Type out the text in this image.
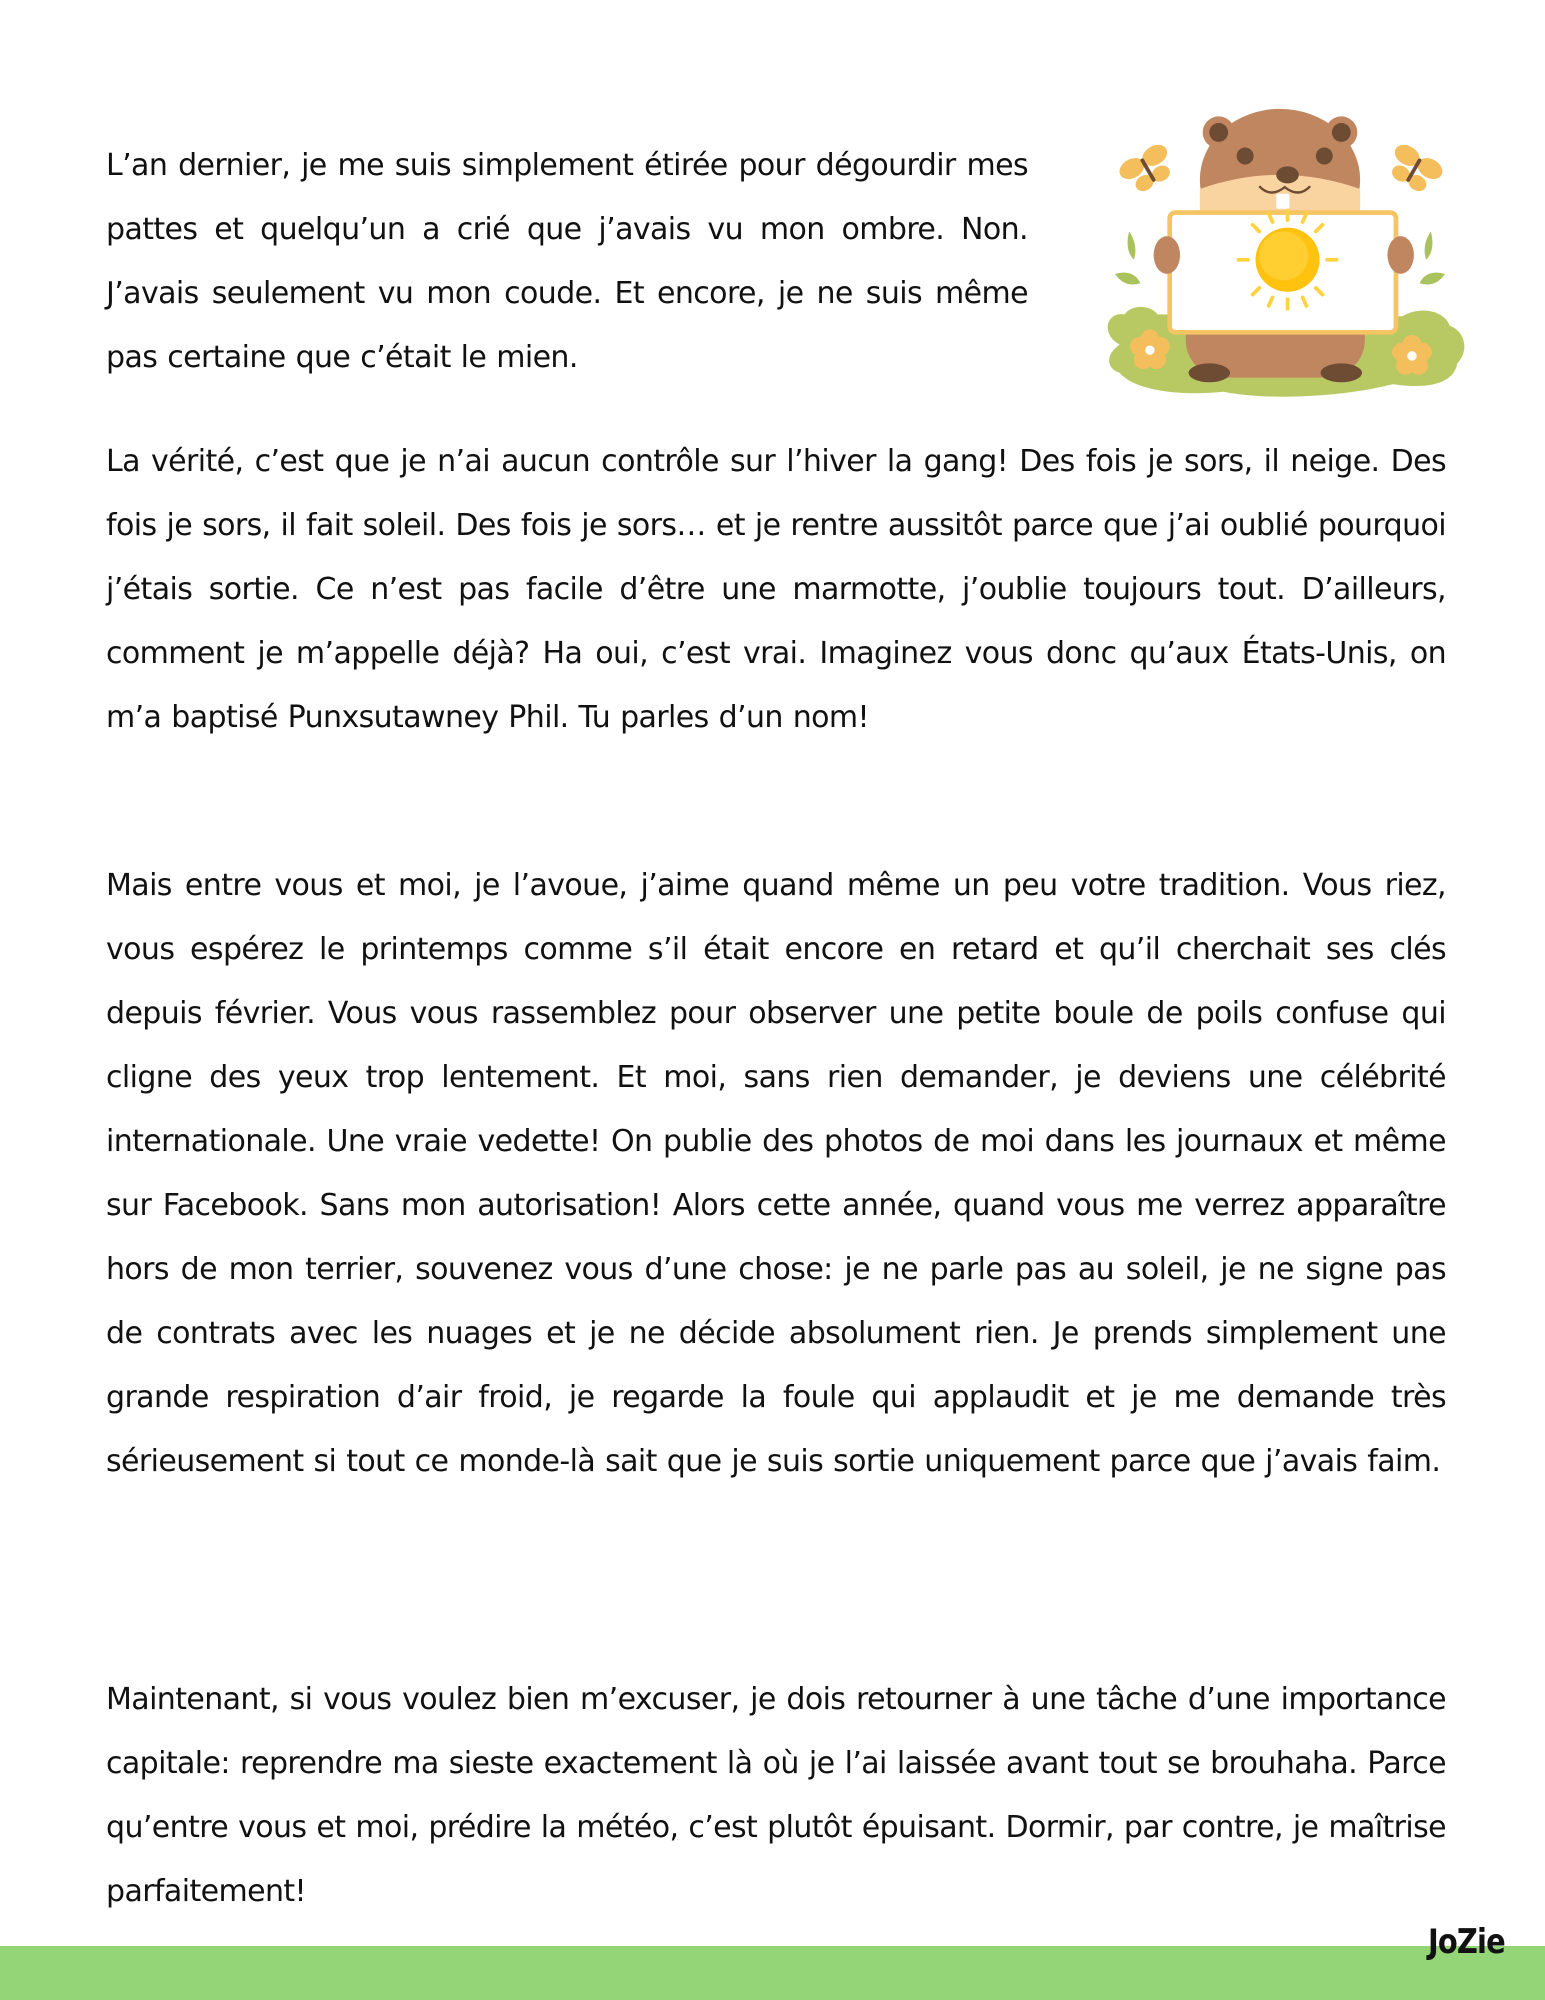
L’an dernier, je me suis simplement étirée pour dégourdir mes pattes et quelqu’un a crié que j’avais vu mon ombre. Non. J’avais seulement vu mon coude. Et encore, je ne suis même pas certaine que c’était le mien.

La vérité, c’est que je n’ai aucun contrôle sur l’hiver la gang! Des fois je sors, il neige. Des fois je sors, il fait soleil. Des fois je sors… et je rentre aussitôt parce que j’ai oublié pourquoi j’étais sortie. Ce n’est pas facile d’être une marmotte, j’oublie toujours tout. D’ailleurs, comment je m’appelle déjà? Ha oui, c’est vrai. Imaginez vous donc qu’aux États-Unis, on m’a baptisé Punxsutawney Phil. Tu parles d’un nom!

Mais entre vous et moi, je l’avoue, j’aime quand même un peu votre tradition. Vous riez, vous espérez le printemps comme s’il était encore en retard et qu’il cherchait ses clés depuis février. Vous vous rassemblez pour observer une petite boule de poils confuse qui cligne des yeux trop lentement. Et moi, sans rien demander, je deviens une célébrité internationale. Une vraie vedette! On publie des photos de moi dans les journaux et même sur Facebook. Sans mon autorisation! Alors cette année, quand vous me verrez apparaître hors de mon terrier, souvenez vous d’une chose: je ne parle pas au soleil, je ne signe pas de contrats avec les nuages et je ne décide absolument rien. Je prends simplement une grande respiration d’air froid, je regarde la foule qui applaudit et je me demande très sérieusement si tout ce monde-là sait que je suis sortie uniquement parce que j’avais faim.

Maintenant, si vous voulez bien m’excuser, je dois retourner à une tâche d’une importance capitale: reprendre ma sieste exactement là où je l’ai laissée avant tout se brouhaha. Parce qu’entre vous et moi, prédire la météo, c’est plutôt épuisant. Dormir, par contre, je maîtrise parfaitement!

JoZie
